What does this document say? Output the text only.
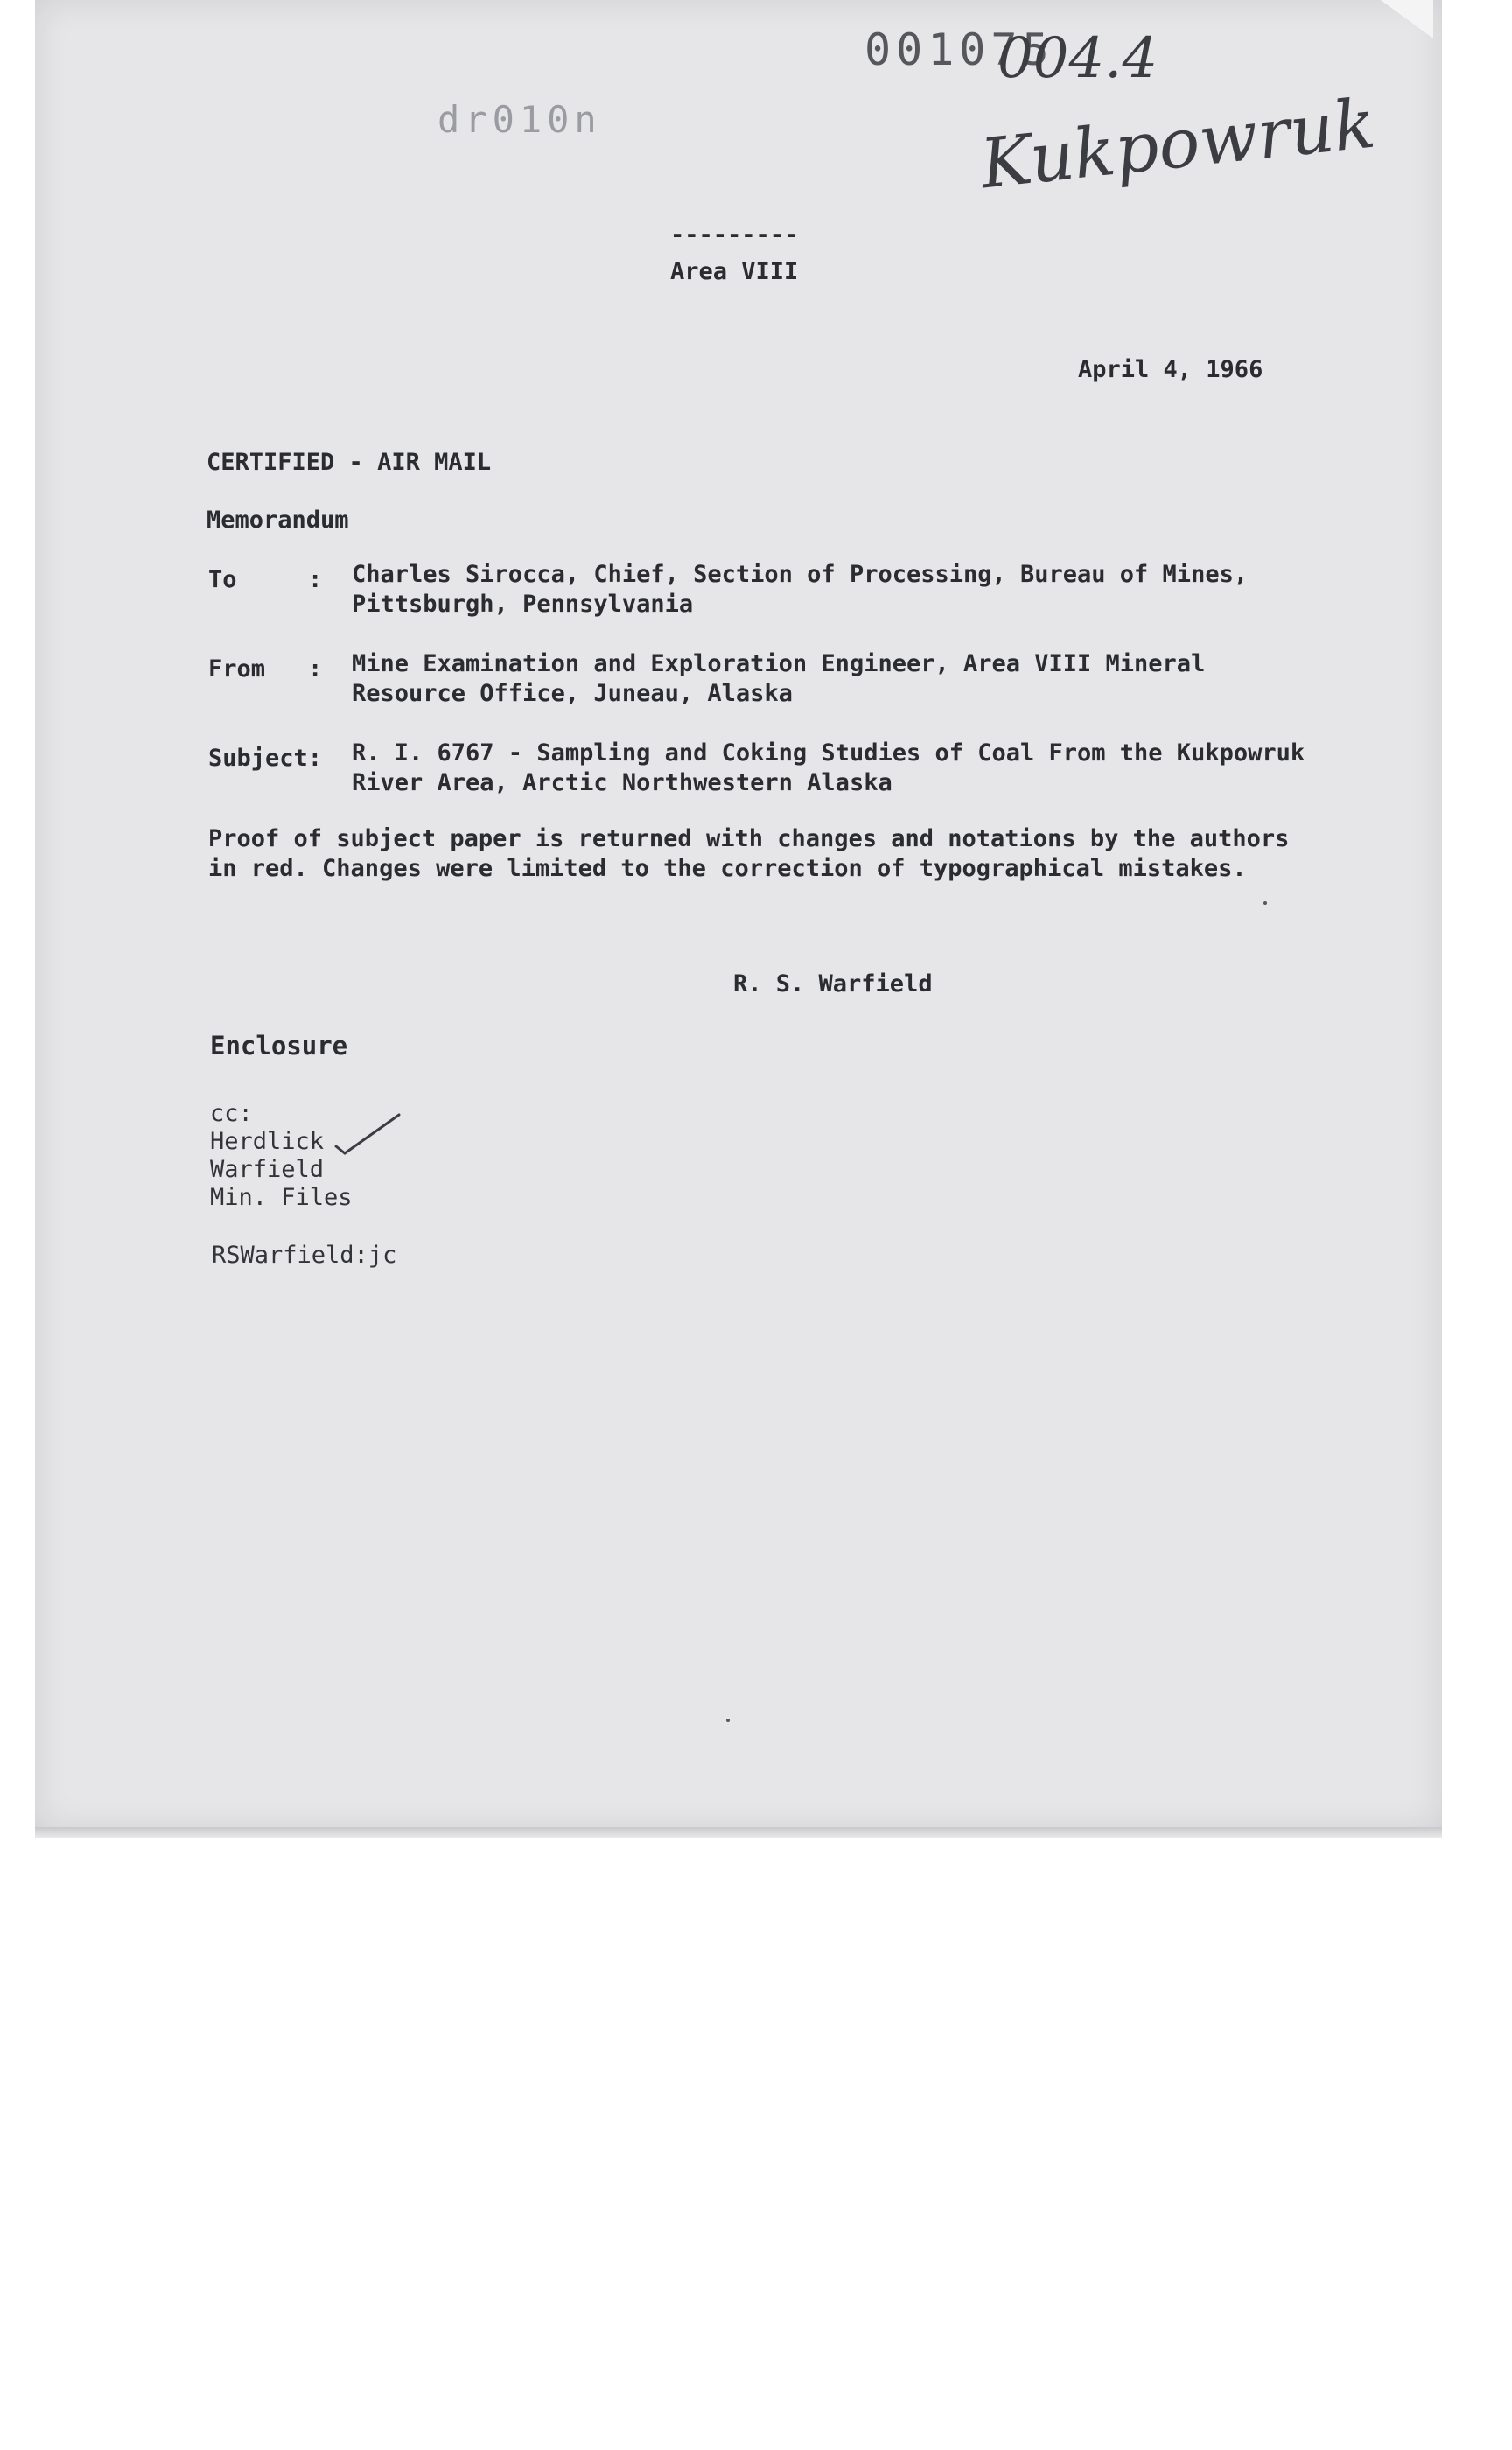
001075
dr010n
004.4
Kukpowruk
---------
Area VIII
April 4, 1966
CERTIFIED - AIR MAIL
Memorandum
To	: Charles Sirocca, Chief, Section of Processing, Bureau of Mines,
Pittsburgh, Pennsylvania
From : Mine Examination and Exploration Engineer, Area VIII Mineral
Resource Office, Juneau, Alaska
Subject: R. I. 6767 - Sampling and Coking Studies of Coal From the Kukpowruk
River Area, Arctic Northwestern Alaska
Proof of subject paper is returned with changes and notations by the authors
in red. Changes were limited to the correction of typographical mistakes.
R. S. Warfield
Enclosure
cc:
Herdlick
Warfield
Min. Files
RSWarfield:jc
